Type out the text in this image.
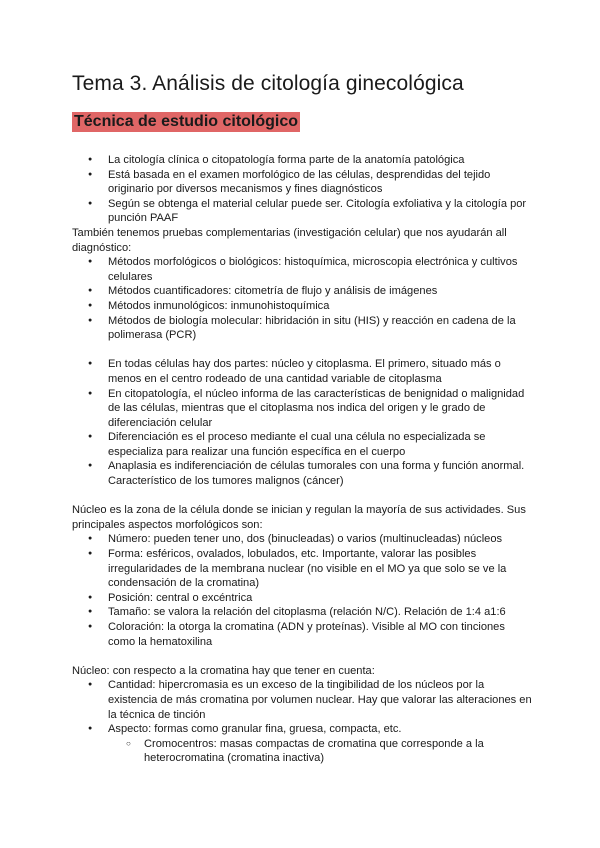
Tema 3. Análisis de citología ginecológica
Técnica de estudio citológico
● La citología clínica o citopatología forma parte de la anatomía patológica
● Está basada en el examen morfológico de las células, desprendidas del tejido originario por diversos mecanismos y fines diagnósticos
● Según se obtenga el material celular puede ser. Citología exfoliativa y la citología por punción PAAF

También tenemos pruebas complementarias (investigación celular) que nos ayudarán all diagnóstico:

● Métodos morfológicos o biológicos: histoquímica, microscopia electrónica y cultivos celulares
● Métodos cuantificadores: citometría de flujo y análisis de imágenes
● Métodos inmunológicos: inmunohistoquímica
● Métodos de biología molecular: hibridación in situ (HIS) y reacción en cadena de la polimerasa (PCR)
● En todas células hay dos partes: núcleo y citoplasma. El primero, situado más o menos en el centro rodeado de una cantidad variable de citoplasma
● En citopatología, el núcleo informa de las características de benignidad o malignidad de las células, mientras que el citoplasma nos indica del origen y le grado de diferenciación celular
● Diferenciación es el proceso mediante el cual una célula no especializada se especializa para realizar una función específica en el cuerpo
● Anaplasia es indiferenciación de células tumorales con una forma y función anormal. Característico de los tumores malignos (cáncer)

Núcleo es la zona de la célula donde se inician y regulan la mayoría de sus actividades. Sus principales aspectos morfológicos son:

● Número: pueden tener uno, dos (binucleadas) o varios (multinucleadas) núcleos
● Forma: esféricos, ovalados, lobulados, etc. Importante, valorar las posibles irregularidades de la membrana nuclear (no visible en el MO ya que solo se ve la condensación de la cromatina)
● Posición: central o excéntrica
● Tamaño: se valora la relación del citoplasma (relación N/C). Relación de 1:4 a1:6
● Coloración: la otorga la cromatina (ADN y proteínas). Visible al MO con tinciones como la hematoxilina

Núcleo: con respecto a la cromatina hay que tener en cuenta:

● Cantidad: hipercromasia es un exceso de la tingibilidad de los núcleos por la existencia de más cromatina por volumen nuclear. Hay que valorar las alteraciones en la técnica de tinción
● Aspecto: formas como granular fina, gruesa, compacta, etc.
○ Cromocentros: masas compactas de cromatina que corresponde a la heterocromatina (cromatina inactiva)
